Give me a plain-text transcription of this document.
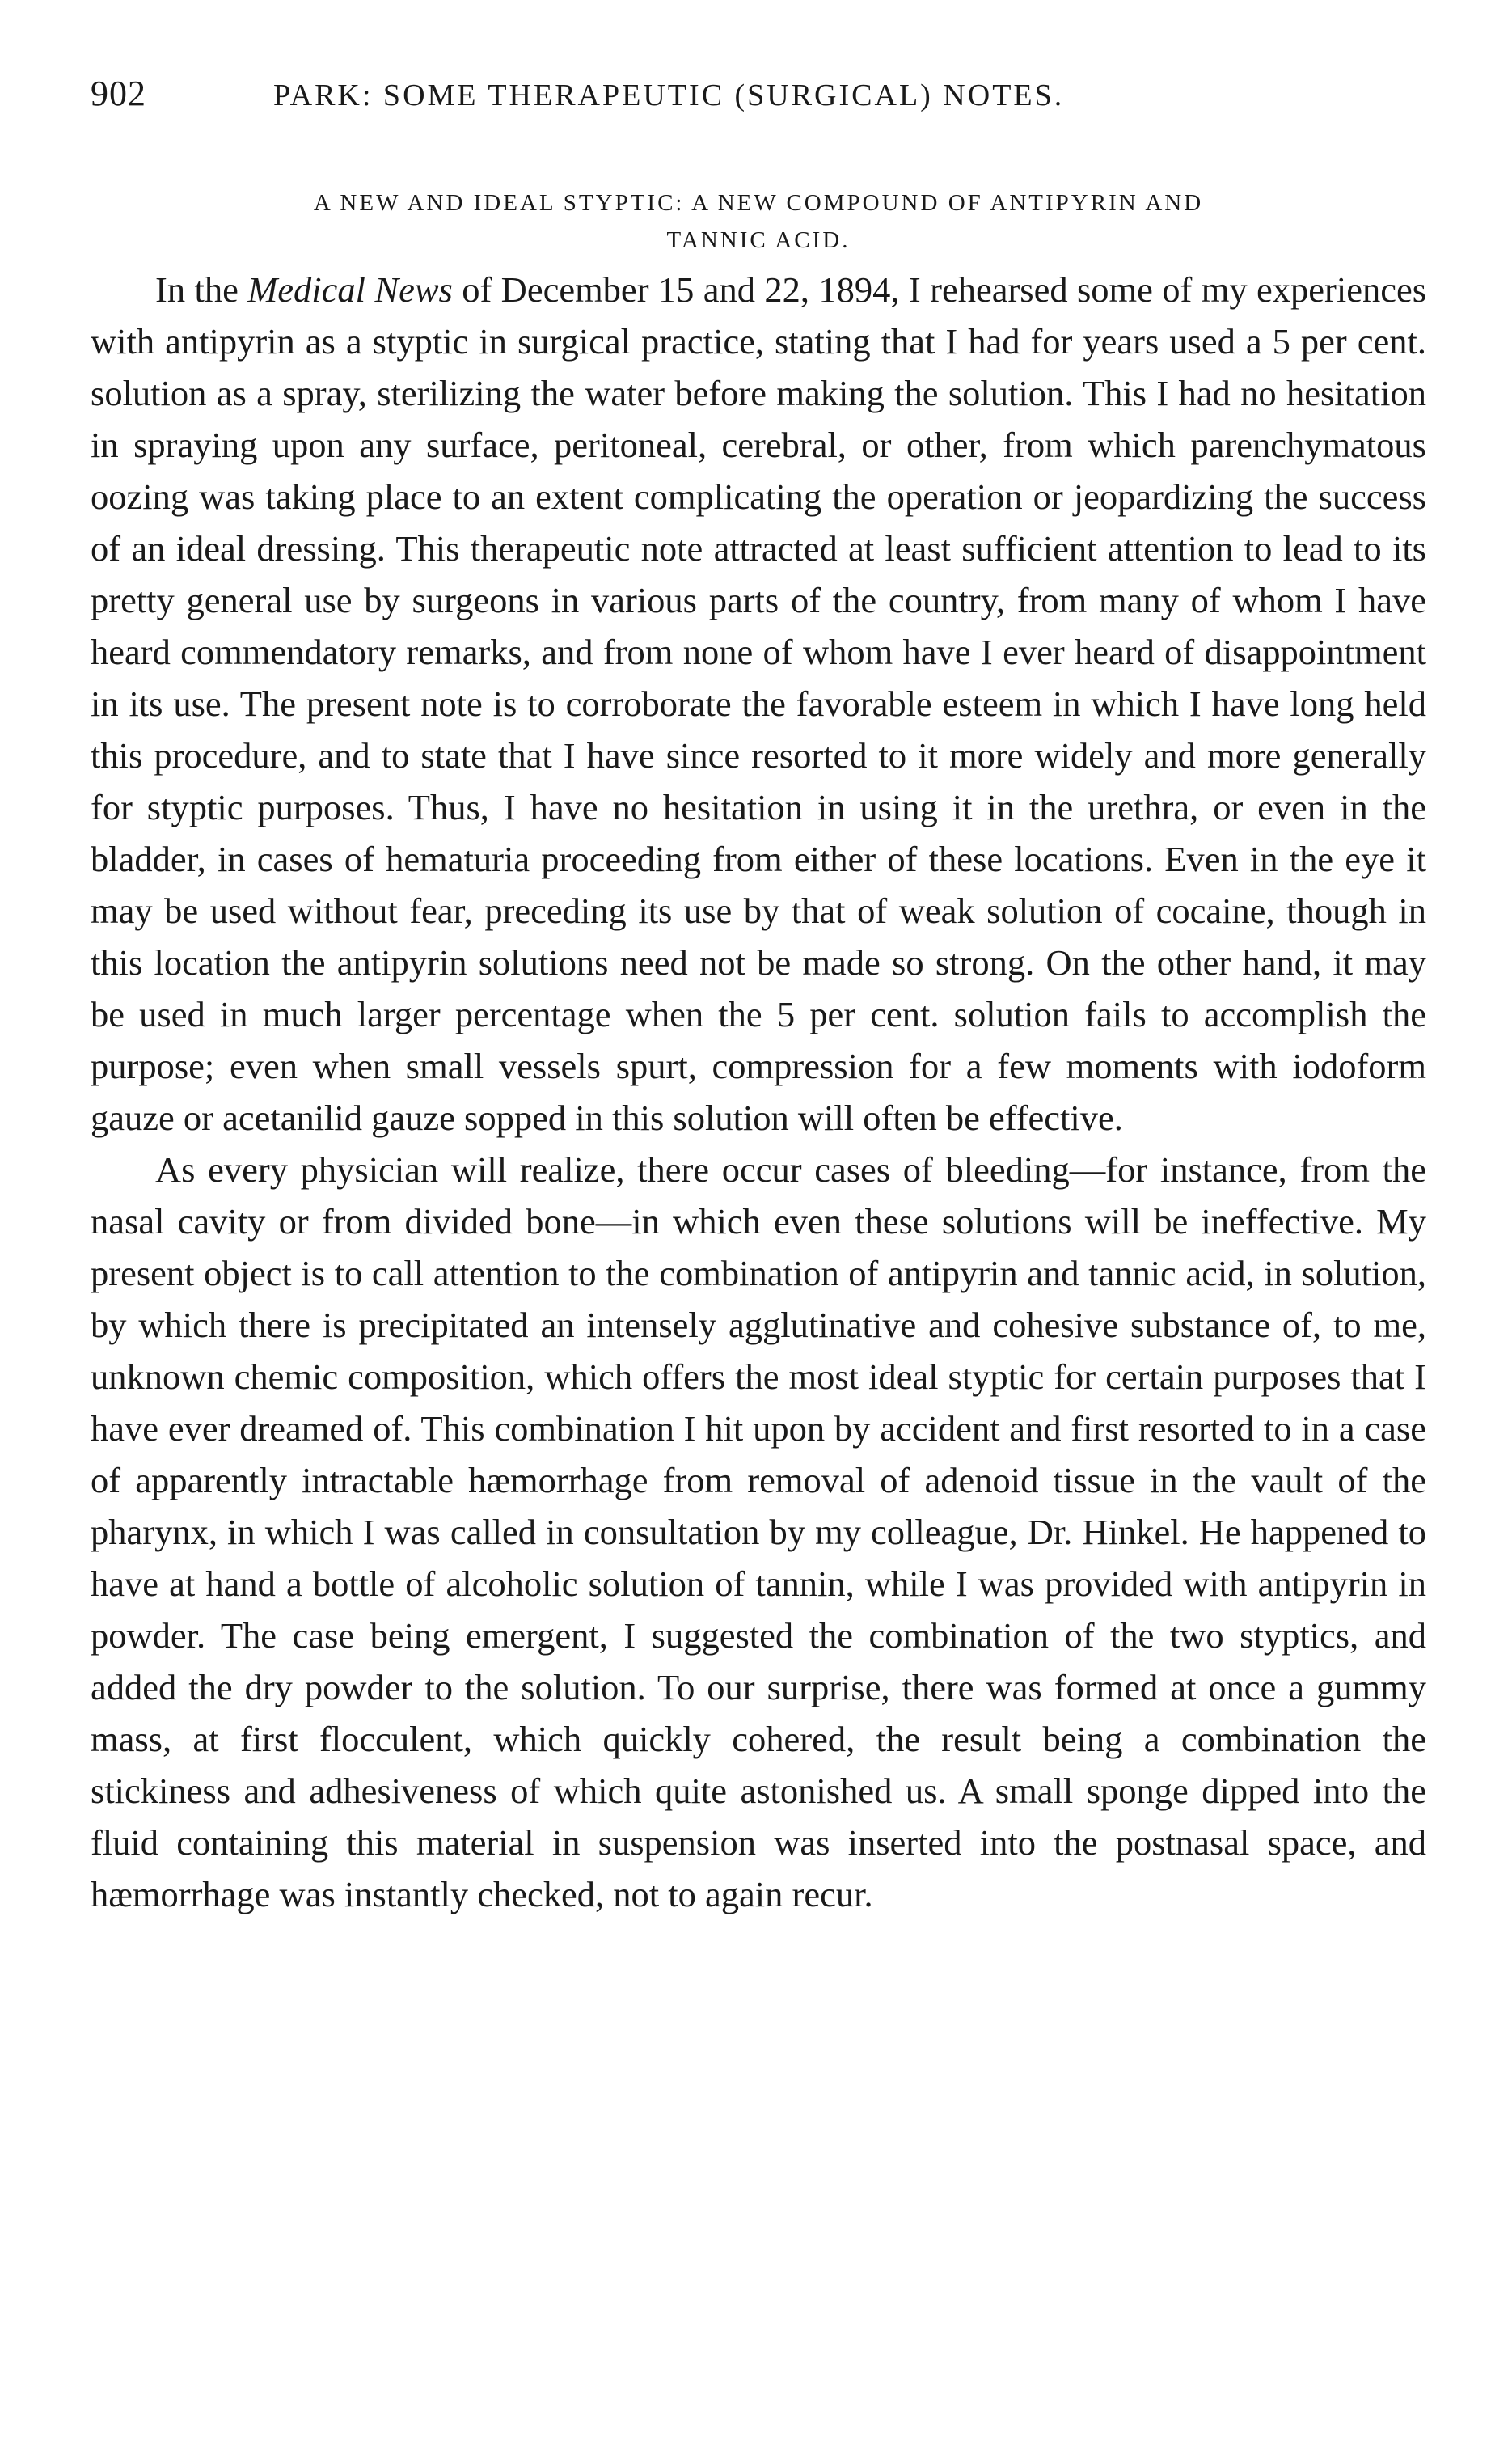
902	PARK: SOME THERAPEUTIC (SURGICAL) NOTES.
A NEW AND IDEAL STYPTIC: A NEW COMPOUND OF ANTIPYRIN AND
TANNIC ACID.

In the Medical News of December 15 and 22, 1894, I rehearsed some of my experiences with antipyrin as a styptic in surgical practice, stating that I had for years used a 5 per cent. solution as a spray, sterilizing the water before making the solution. This I had no hesitation in spraying upon any surface, peritoneal, cerebral, or other, from which parenchymatous oozing was taking place to an extent complicating the operation or jeopardizing the success of an ideal dressing. This therapeutic note attracted at least sufficient attention to lead to its pretty general use by surgeons in various parts of the country, from many of whom I have heard commendatory remarks, and from none of whom have I ever heard of disappointment in its use. The present note is to corroborate the favorable esteem in which I have long held this procedure, and to state that I have since resorted to it more widely and more generally for styptic purposes. Thus, I have no hesitation in using it in the urethra, or even in the bladder, in cases of hematuria proceeding from either of these locations. Even in the eye it may be used without fear, preceding its use by that of weak solution of cocaine, though in this location the antipyrin solutions need not be made so strong. On the other hand, it may be used in much larger percentage when the 5 per cent. solution fails to accomplish the purpose; even when small vessels spurt, compression for a few moments with iodoform gauze or acetanilid gauze sopped in this solution will often be effective.

As every physician will realize, there occur cases of bleeding—for instance, from the nasal cavity or from divided bone—in which even these solutions will be ineffective. My present object is to call attention to the combination of antipyrin and tannic acid, in solution, by which there is precipitated an intensely agglutinative and cohesive substance of, to me, unknown chemic composition, which offers the most ideal styptic for certain purposes that I have ever dreamed of. This combination I hit upon by accident and first resorted to in a case of apparently intractable hæmorrhage from removal of adenoid tissue in the vault of the pharynx, in which I was called in consultation by my colleague, Dr. Hinkel. He happened to have at hand a bottle of alcoholic solution of tannin, while I was provided with antipyrin in powder. The case being emergent, I suggested the combination of the two styptics, and added the dry powder to the solution. To our surprise, there was formed at once a gummy mass, at first flocculent, which quickly cohered, the result being a combination the stickiness and adhesiveness of which quite astonished us. A small sponge dipped into the fluid containing this material in suspension was inserted into the postnasal space, and hæmorrhage was instantly checked, not to again recur.
